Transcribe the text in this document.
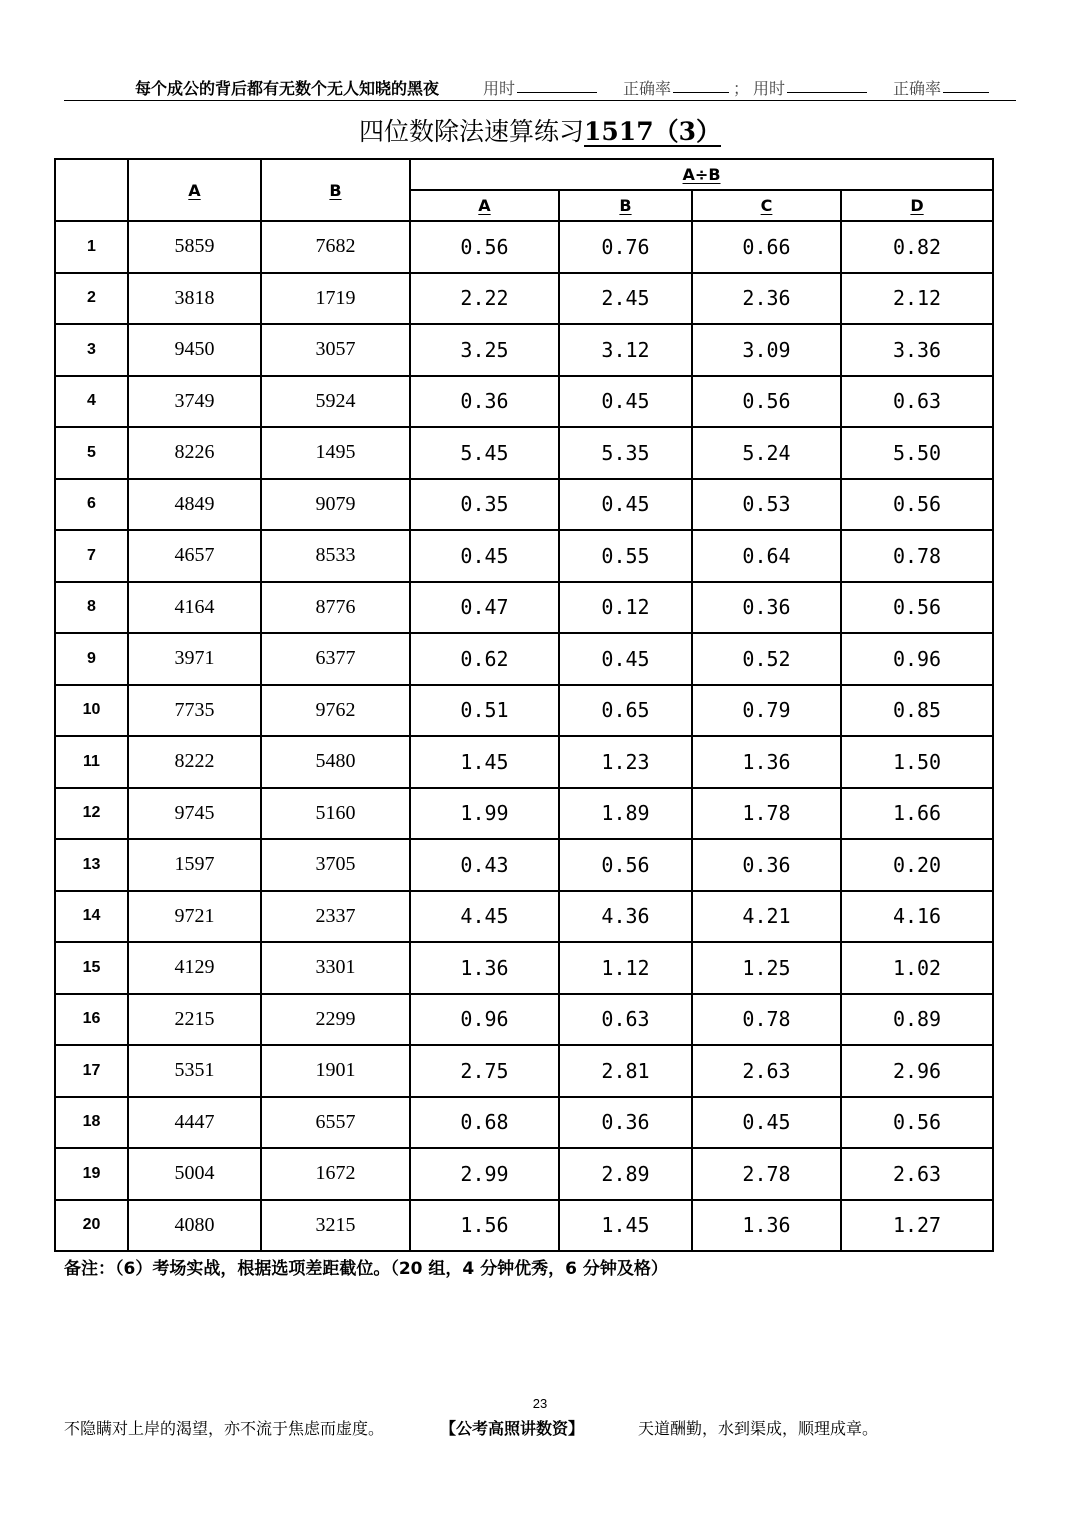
每个成公的背后都有无数个无人知晓的黑夜	用时	正确率	； 用时	正确率
四位数除法速算练习1517（3）
	A	B	A÷B			
			A	B	C	D
1	5859	7682	0.56	0.76	0.66	0.82
2	3818	1719	2.22	2.45	2.36	2.12
3	9450	3057	3.25	3.12	3.09	3.36
4	3749	5924	0.36	0.45	0.56	0.63
5	8226	1495	5.45	5.35	5.24	5.50
6	4849	9079	0.35	0.45	0.53	0.56
7	4657	8533	0.45	0.55	0.64	0.78
8	4164	8776	0.47	0.12	0.36	0.56
9	3971	6377	0.62	0.45	0.52	0.96
10	7735	9762	0.51	0.65	0.79	0.85
11	8222	5480	1.45	1.23	1.36	1.50
12	9745	5160	1.99	1.89	1.78	1.66
13	1597	3705	0.43	0.56	0.36	0.20
14	9721	2337	4.45	4.36	4.21	4.16
15	4129	3301	1.36	1.12	1.25	1.02
16	2215	2299	0.96	0.63	0.78	0.89
17	5351	1901	2.75	2.81	2.63	2.96
18	4447	6557	0.68	0.36	0.45	0.56
19	5004	1672	2.99	2.89	2.78	2.63
20	4080	3215	1.56	1.45	1.36	1.27
备注：（6）考场实战，根据选项差距截位。（20 组，4 分钟优秀，6 分钟及格）
23
不隐瞒对上岸的渴望，亦不流于焦虑而虚度。	【公考高照讲数资】	天道酬勤，水到渠成，顺理成章。
